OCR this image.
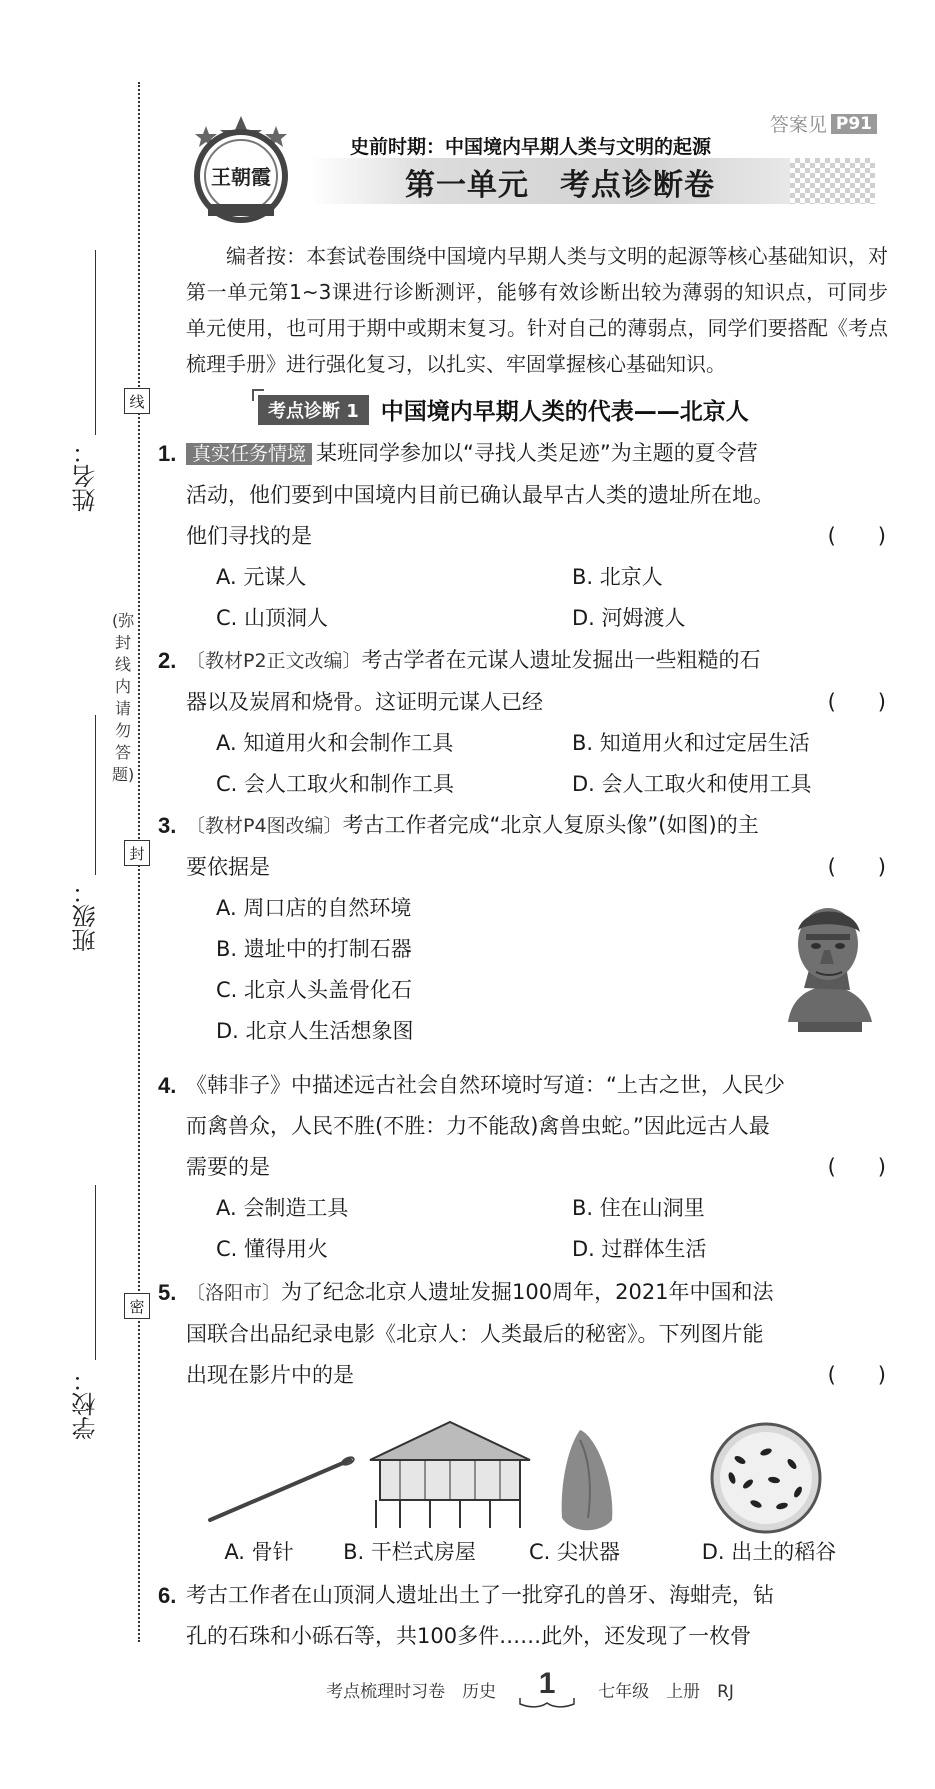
姓名：
班级：
学校：
线
封
密
(弥封线内请勿答题)
王朝霞
答案见 P91
史前时期：中国境内早期人类与文明的起源
第一单元　考点诊断卷
编者按：本套试卷围绕中国境内早期人类与文明的起源等核心基础知识，对第一单元第1~3课进行诊断测评，能够有效诊断出较为薄弱的知识点，可同步单元使用，也可用于期中或期末复习。针对自己的薄弱点，同学们要搭配《考点梳理手册》进行强化复习，以扎实、牢固掌握核心基础知识。
考点诊断 1 中国境内早期人类的代表——北京人
1. 真实任务情境 某班同学参加以“寻找人类足迹”为主题的夏令营
活动，他们要到中国境内目前已确认最早古人类的遗址所在地。
他们寻找的是	(　　)
A. 元谋人	B. 北京人
C. 山顶洞人	D. 河姆渡人
2. 〔教材P2正文改编〕考古学者在元谋人遗址发掘出一些粗糙的石
器以及炭屑和烧骨。这证明元谋人已经	(　　)
A. 知道用火和会制作工具	B. 知道用火和过定居生活
C. 会人工取火和制作工具	D. 会人工取火和使用工具
3. 〔教材P4图改编〕考古工作者完成“北京人复原头像”(如图)的主
要依据是	(　　)
A. 周口店的自然环境
B. 遗址中的打制石器
C. 北京人头盖骨化石
D. 北京人生活想象图
4. 《韩非子》中描述远古社会自然环境时写道：“上古之世，人民少
而禽兽众，人民不胜(不胜：力不能敌)禽兽虫蛇。”因此远古人最
需要的是	(　　)
A. 会制造工具	B. 住在山洞里
C. 懂得用火	D. 过群体生活
5. 〔洛阳市〕为了纪念北京人遗址发掘100周年，2021年中国和法
国联合出品纪录电影《北京人：人类最后的秘密》。下列图片能
出现在影片中的是	(　　)
A. 骨针	B. 干栏式房屋	C. 尖状器	D. 出土的稻谷
6. 考古工作者在山顶洞人遗址出土了一批穿孔的兽牙、海蚶壳，钻
孔的石珠和小砾石等，共100多件……此外，还发现了一枚骨
考点梳理时习卷　历史	1	七年级　上册　RJ
